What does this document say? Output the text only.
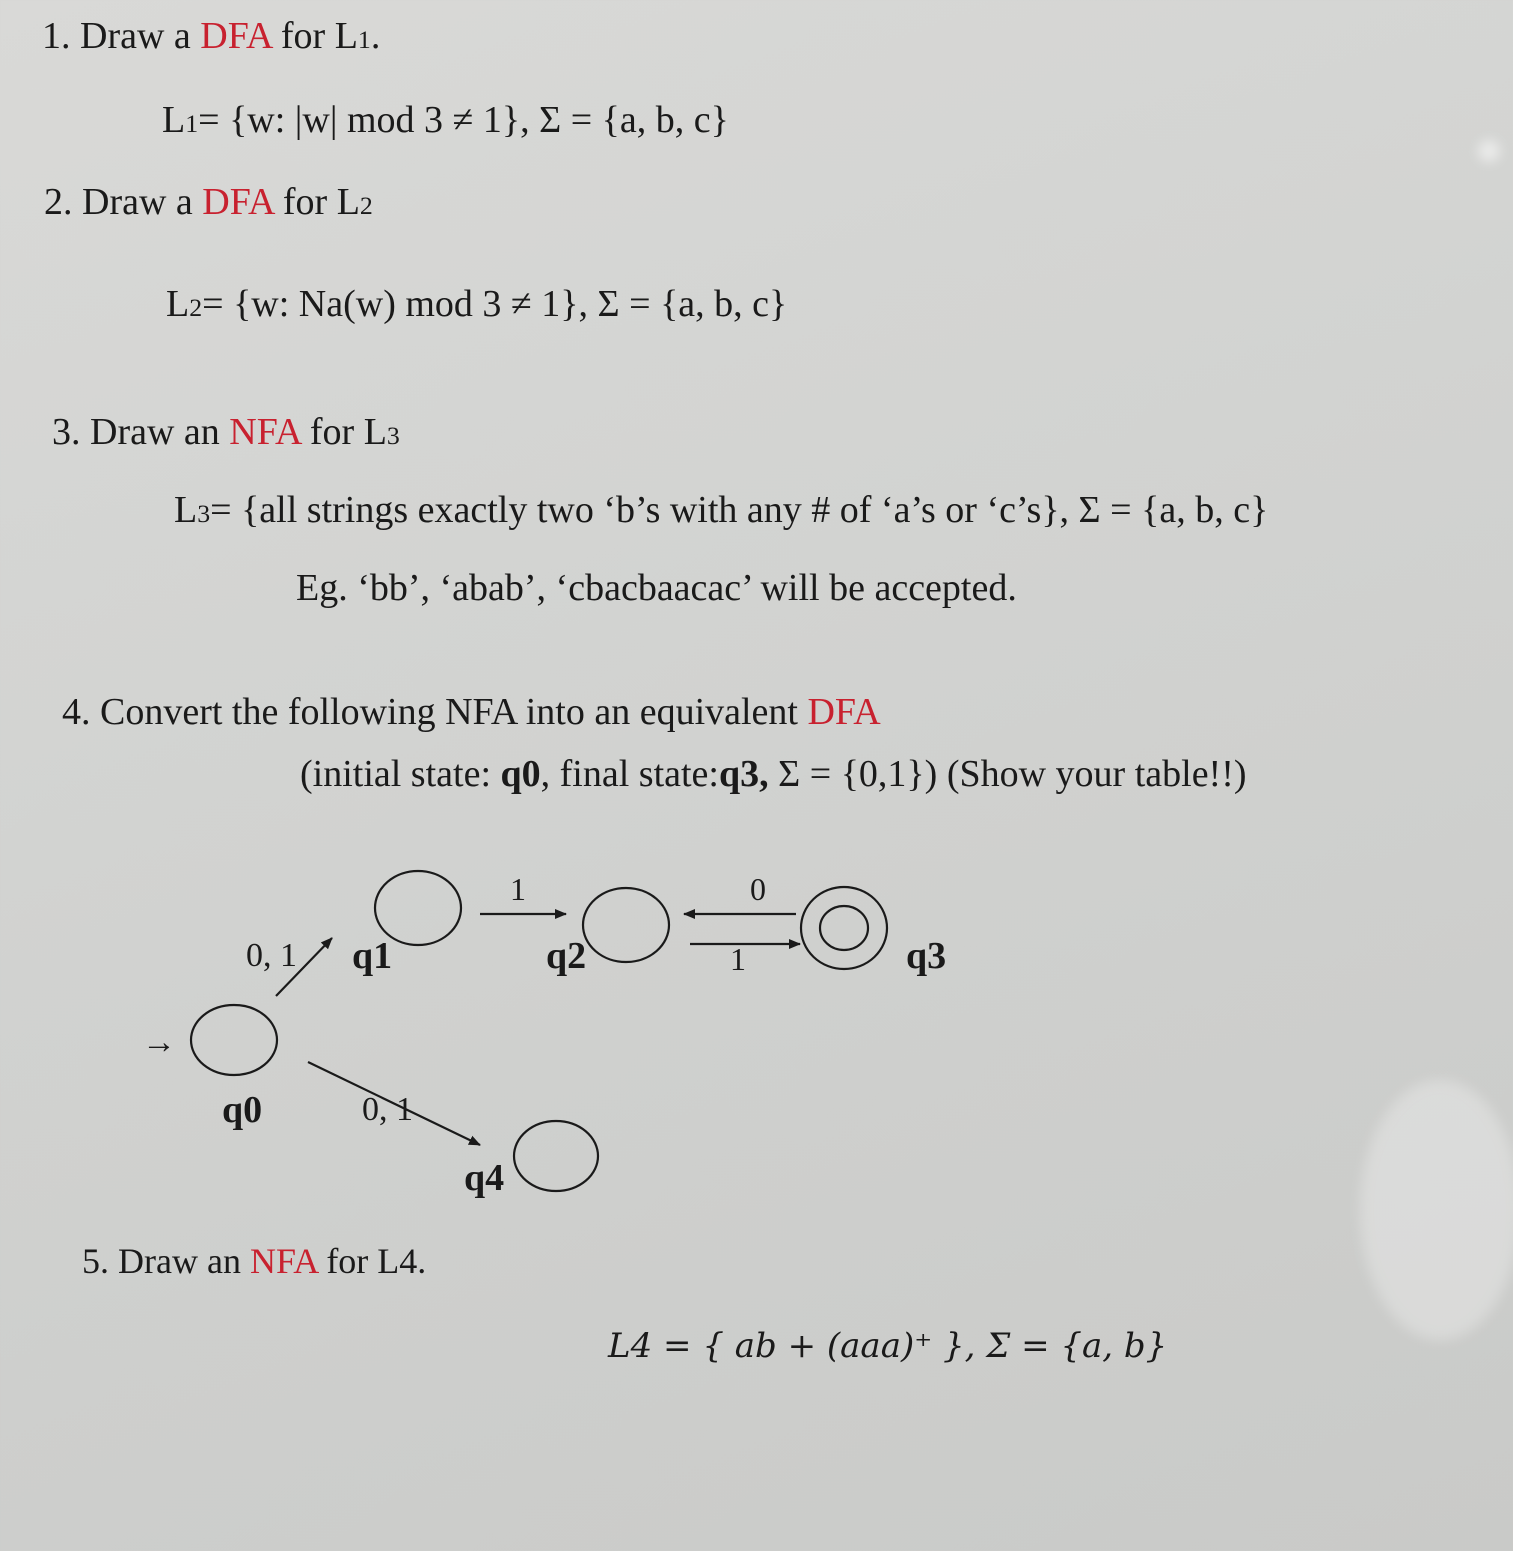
1. Draw a DFA for L1.
L1= {w: |w| mod 3 ≠ 1}, Σ = {a, b, c}
2. Draw a DFA for L2
L2= {w: Na(w) mod 3 ≠ 1}, Σ = {a, b, c}
3. Draw an NFA for L3
L3= {all strings exactly two ‘b’s with any # of ‘a’s or ‘c’s}, Σ = {a, b, c}
Eg. ‘bb’, ‘abab’, ‘cbacbaacac’ will be accepted.
4. Convert the following NFA into an equivalent DFA
(initial state: q0, final state:q3, Σ = {0,1}) (Show your table!!)
→
0, 1
1	0
1
0, 1
q1	q2	q3
q0
q4
5. Draw an NFA for L4.
L4 = { ab + (aaa)⁺ }, Σ = {a, b}
